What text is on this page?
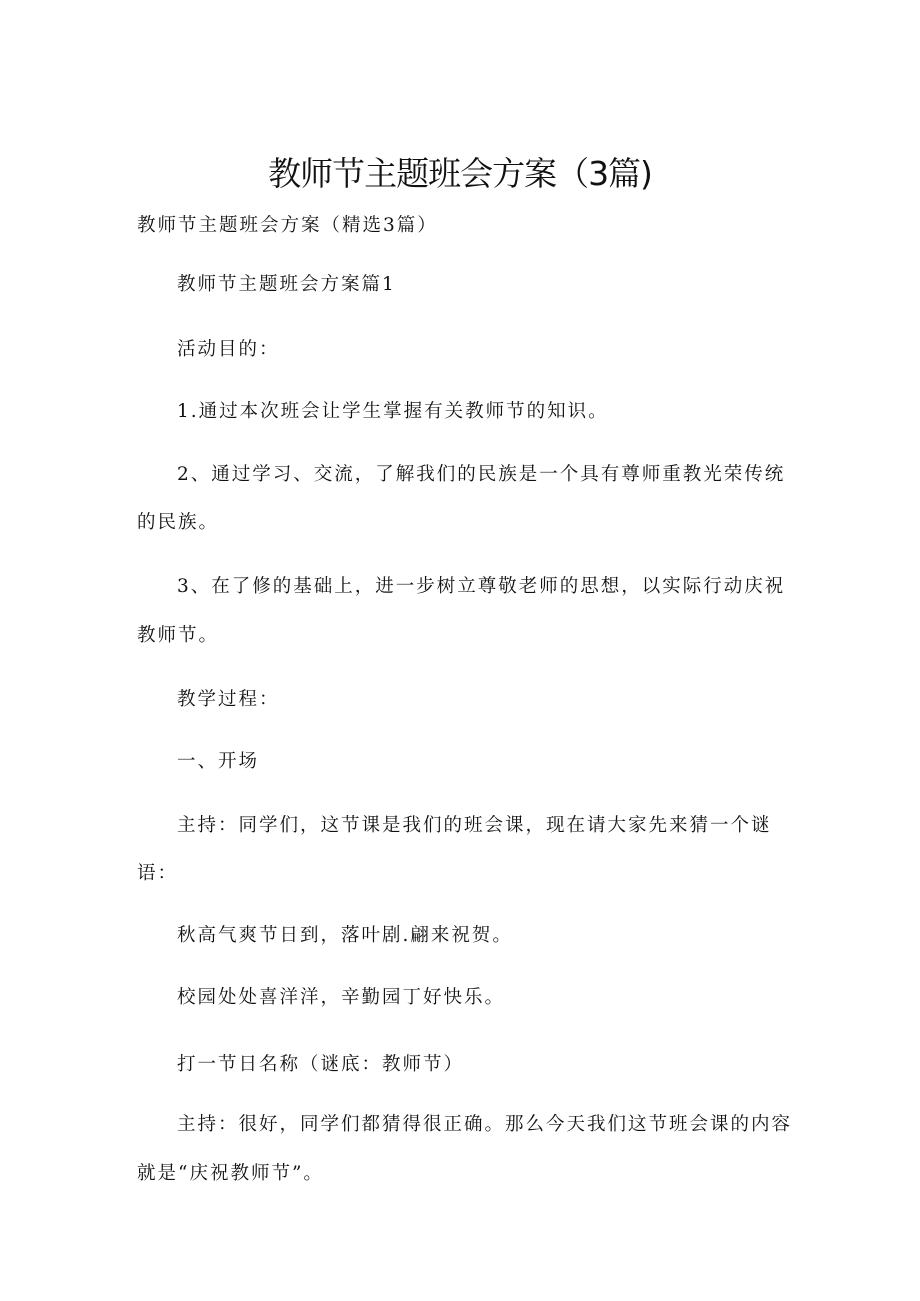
教师节主题班会方案（3篇)
教师节主题班会方案（精选3篇）
教师节主题班会方案篇1
活动目的：
1.通过本次班会让学生掌握有关教师节的知识。
2、通过学习、交流，了解我们的民族是一个具有尊师重教光荣传统
的民族。
3、在了修的基础上，进一步树立尊敬老师的思想，以实际行动庆祝
教师节。
教学过程：
一、开场
主持：同学们，这节课是我们的班会课，现在请大家先来猜一个谜
语：
秋高气爽节日到，落叶剧.翩来祝贺。
校园处处喜洋洋，辛勤园丁好快乐。
打一节日名称（谜底：教师节）
主持：很好，同学们都猜得很正确。那么今天我们这节班会课的内容
就是“庆祝教师节”。
